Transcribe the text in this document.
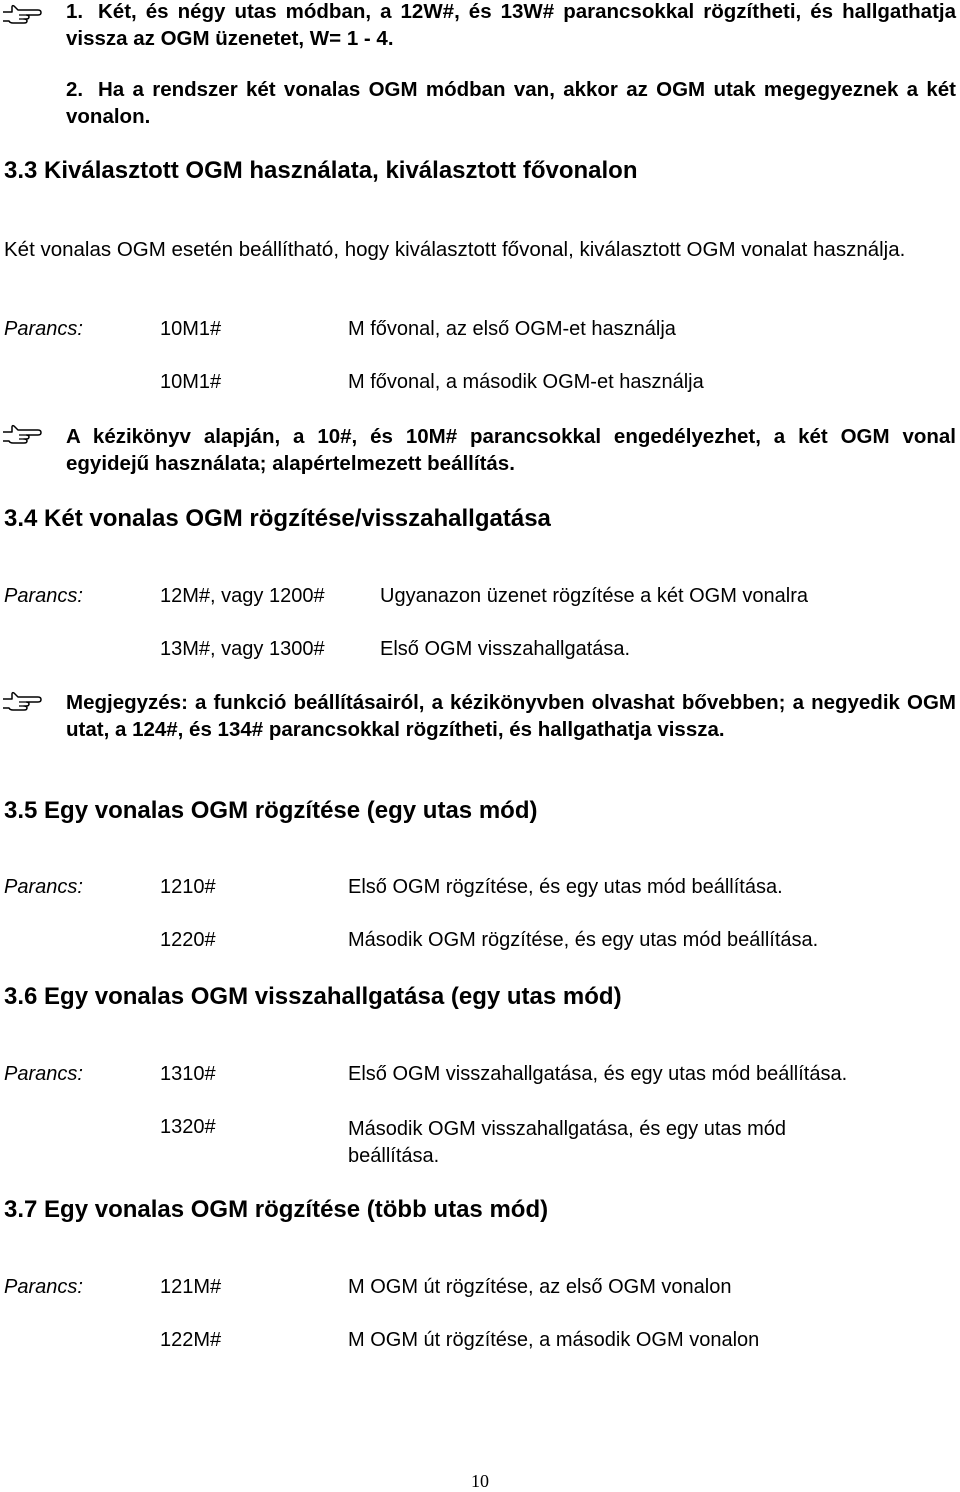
1. Két, és négy utas módban, a 12W#, és 13W# parancsokkal rögzítheti, és hallgathatja vissza az OGM üzenetet, W= 1 - 4.

2. Ha a rendszer két vonalas OGM módban van, akkor az OGM utak megegyeznek a két vonalon.

3.3 Kiválasztott OGM használata, kiválasztott fővonalon
Két vonalas OGM esetén beállítható, hogy kiválasztott fővonal, kiválasztott OGM vonalat használja.
Parancs:	10M1#	M fővonal, az első OGM-et használja
10M1#	M fővonal, a második OGM-et használja
A kézikönyv alapján, a 10#, és 10M# parancsokkal engedélyezhet, a két OGM vonal egyidejű használata; alapértelmezett beállítás.
3.4 Két vonalas OGM rögzítése/visszahallgatása
Parancs:	12M#, vagy 1200#	Ugyanazon üzenet rögzítése a két OGM vonalra
13M#, vagy 1300#	Első OGM visszahallgatása.
Megjegyzés: a funkció beállításairól, a kézikönyvben olvashat bővebben; a negyedik OGM utat, a 124#, és 134# parancsokkal rögzítheti, és hallgathatja vissza.
3.5 Egy vonalas OGM rögzítése (egy utas mód)
Parancs:	1210#	Első OGM rögzítése, és egy utas mód beállítása.
1220#	Második OGM rögzítése, és egy utas mód beállítása.
3.6 Egy vonalas OGM visszahallgatása (egy utas mód)
Parancs:	1310#	Első OGM visszahallgatása, és egy utas mód beállítása.
1320#	Második OGM visszahallgatása, és egy utas mód beállítása.
3.7 Egy vonalas OGM rögzítése (több utas mód)
Parancs:	121M#	M OGM út rögzítése, az első OGM vonalon
122M#	M OGM út rögzítése, a második OGM vonalon
10
